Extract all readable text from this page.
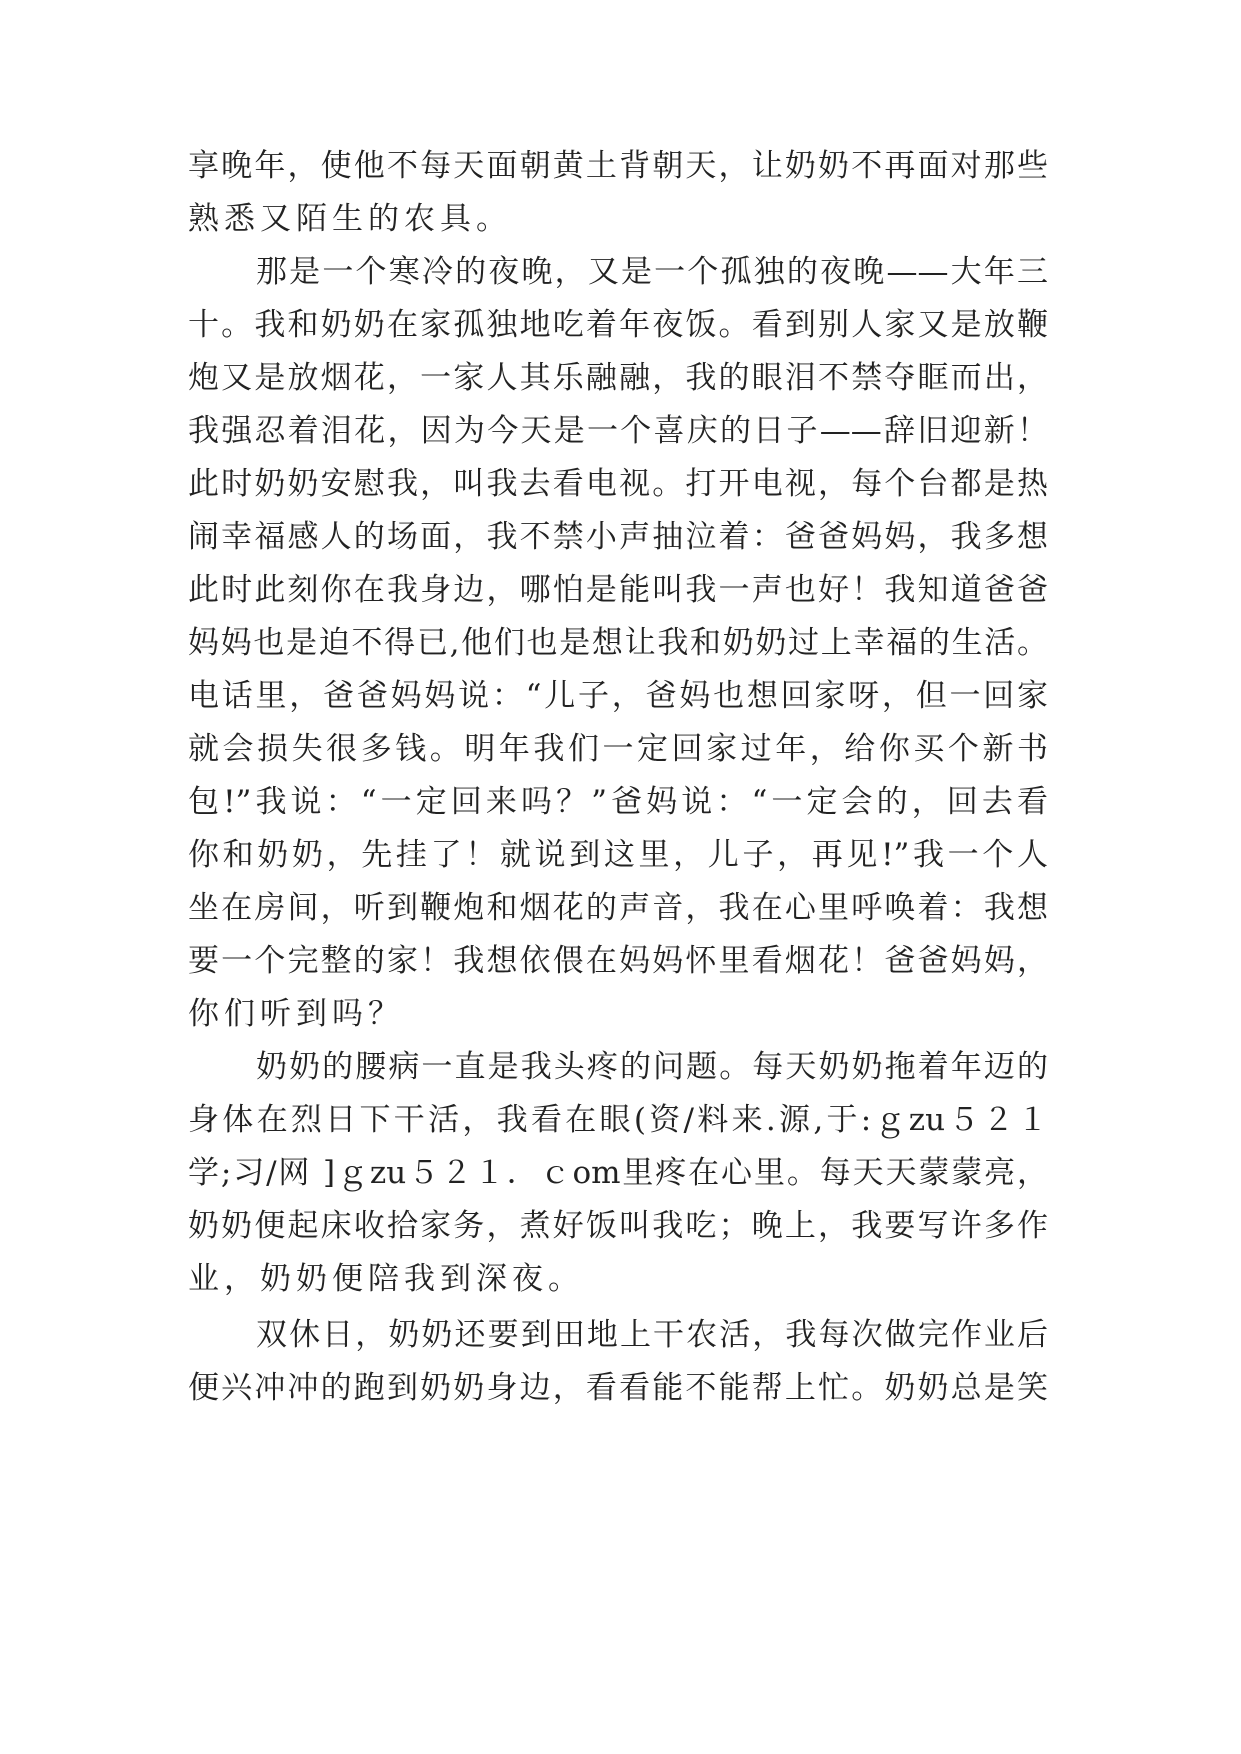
享晚年，使他不每天面朝黄土背朝天，让奶奶不再面对那些
熟悉又陌生的农具。
那是一个寒冷的夜晚，又是一个孤独的夜晚——大年三
十。我和奶奶在家孤独地吃着年夜饭。看到别人家又是放鞭
炮又是放烟花，一家人其乐融融，我的眼泪不禁夺眶而出，
我强忍着泪花，因为今天是一个喜庆的日子——辞旧迎新！
此时奶奶安慰我，叫我去看电视。打开电视，每个台都是热
闹幸福感人的场面，我不禁小声抽泣着：爸爸妈妈，我多想
此时此刻你在我身边，哪怕是能叫我一声也好！我知道爸爸
妈妈也是迫不得已,他们也是想让我和奶奶过上幸福的生活。
电话里，爸爸妈妈说：“儿子，爸妈也想回家呀，但一回家
就会损失很多钱。明年我们一定回家过年，给你买个新书
包!”我说：“一定回来吗？”爸妈说：“一定会的，回去看
你和奶奶，先挂了！就说到这里，儿子，再见!”我一个人
坐在房间，听到鞭炮和烟花的声音，我在心里呼唤着：我想
要一个完整的家！我想依偎在妈妈怀里看烟花！爸爸妈妈，
你们听到吗？
奶奶的腰病一直是我头疼的问题。每天奶奶拖着年迈的
身体在烈日下干活，我看在眼(资/料来.源,于:ｇzu５２１
学;习/网 ]ｇzu５２１．ｃom里疼在心里。每天天蒙蒙亮，
奶奶便起床收拾家务，煮好饭叫我吃；晚上，我要写许多作
业，奶奶便陪我到深夜。
双休日，奶奶还要到田地上干农活，我每次做完作业后
便兴冲冲的跑到奶奶身边，看看能不能帮上忙。奶奶总是笑
